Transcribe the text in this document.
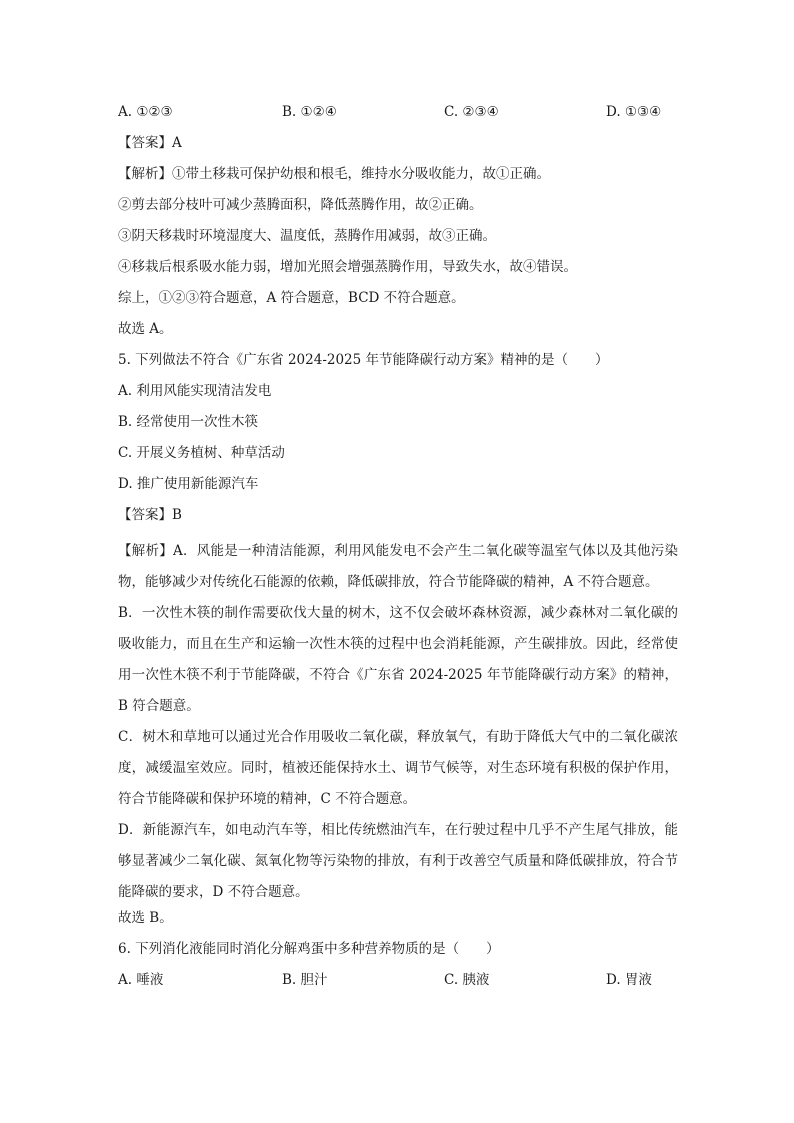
A. ①②③	B. ①②④	C. ②③④	D. ①③④
【答案】A
【解析】①带土移栽可保护幼根和根毛，维持水分吸收能力，故①正确。
②剪去部分枝叶可减少蒸腾面积，降低蒸腾作用，故②正确。
③阴天移栽时环境湿度大、温度低，蒸腾作用减弱，故③正确。
④移栽后根系吸水能力弱，增加光照会增强蒸腾作用，导致失水，故④错误。
综上，①②③符合题意，A 符合题意，BCD 不符合题意。
故选 A。
5. 下列做法不符合《广东省 2024-2025 年节能降碳行动方案》精神的是（　　）
A. 利用风能实现清洁发电
B. 经常使用一次性木筷
C. 开展义务植树、种草活动
D. 推广使用新能源汽车
【答案】B
【解析】A．风能是一种清洁能源，利用风能发电不会产生二氧化碳等温室气体以及其他污染物，能够减少对传统化石能源的依赖，降低碳排放，符合节能降碳的精神，A 不符合题意。
B．一次性木筷的制作需要砍伐大量的树木，这不仅会破坏森林资源，减少森林对二氧化碳的吸收能力，而且在生产和运输一次性木筷的过程中也会消耗能源，产生碳排放。因此，经常使用一次性木筷不利于节能降碳，不符合《广东省 2024-2025 年节能降碳行动方案》的精神，B 符合题意。
C．树木和草地可以通过光合作用吸收二氧化碳，释放氧气，有助于降低大气中的二氧化碳浓度，减缓温室效应。同时，植被还能保持水土、调节气候等，对生态环境有积极的保护作用，符合节能降碳和保护环境的精神，C 不符合题意。
D．新能源汽车，如电动汽车等，相比传统燃油汽车，在行驶过程中几乎不产生尾气排放，能够显著减少二氧化碳、氮氧化物等污染物的排放，有利于改善空气质量和降低碳排放，符合节能降碳的要求，D 不符合题意。
故选 B。
6. 下列消化液能同时消化分解鸡蛋中多种营养物质的是（　　）
A. 唾液	B. 胆汁	C. 胰液	D. 胃液
